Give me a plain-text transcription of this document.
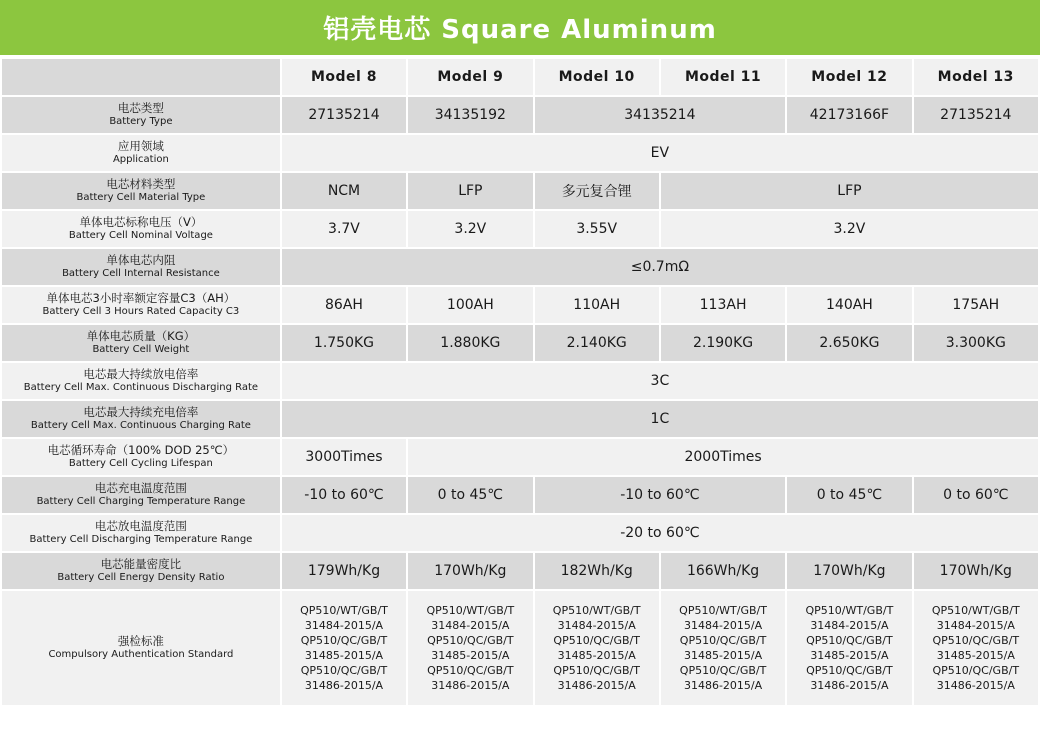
铝壳电芯 Square Aluminum
	Model 8	Model 9	Model 10	Model 11	Model 12	Model 13

电芯类型
Battery Type	27135214	34135192	34135214		42173166F	27135214

应用领域
Application	EV					

电芯材料类型
Battery Cell Material Type	NCM	LFP	多元复合锂	LFP		

单体电芯标称电压（V）
Battery Cell Nominal Voltage	3.7V	3.2V	3.55V	3.2V		

单体电芯内阻
Battery Cell Internal Resistance	≤0.7mΩ					

单体电芯3小时率额定容量C3（AH）
Battery Cell 3 Hours Rated Capacity C3	86AH	100AH	110AH	113AH	140AH	175AH

单体电芯质量（KG）
Battery Cell Weight	1.750KG	1.880KG	2.140KG	2.190KG	2.650KG	3.300KG

电芯最大持续放电倍率
Battery Cell Max. Continuous Discharging Rate	3C					

电芯最大持续充电倍率
Battery Cell Max. Continuous Charging Rate	1C					

电芯循环寿命（100% DOD 25℃）
Battery Cell Cycling Lifespan	3000Times	2000Times				

电芯充电温度范围
Battery Cell Charging Temperature Range	-10 to 60℃	0 to 45℃	-10 to 60℃		0 to 45℃	0 to 60℃

电芯放电温度范围
Battery Cell Discharging Temperature Range	-20 to 60℃					

电芯能量密度比
Battery Cell Energy Density Ratio	179Wh/Kg	170Wh/Kg	182Wh/Kg	166Wh/Kg	170Wh/Kg	170Wh/Kg

强检标准
Compulsory Authentication Standard	QP510/WT/GB/T 31484-2015/A QP510/QC/GB/T 31485-2015/A QP510/QC/GB/T 31486-2015/A	QP510/WT/GB/T 31484-2015/A QP510/QC/GB/T 31485-2015/A QP510/QC/GB/T 31486-2015/A	QP510/WT/GB/T 31484-2015/A QP510/QC/GB/T 31485-2015/A QP510/QC/GB/T 31486-2015/A	QP510/WT/GB/T 31484-2015/A QP510/QC/GB/T 31485-2015/A QP510/QC/GB/T 31486-2015/A	QP510/WT/GB/T 31484-2015/A QP510/QC/GB/T 31485-2015/A QP510/QC/GB/T 31486-2015/A	QP510/WT/GB/T 31484-2015/A QP510/QC/GB/T 31485-2015/A QP510/QC/GB/T 31486-2015/A
